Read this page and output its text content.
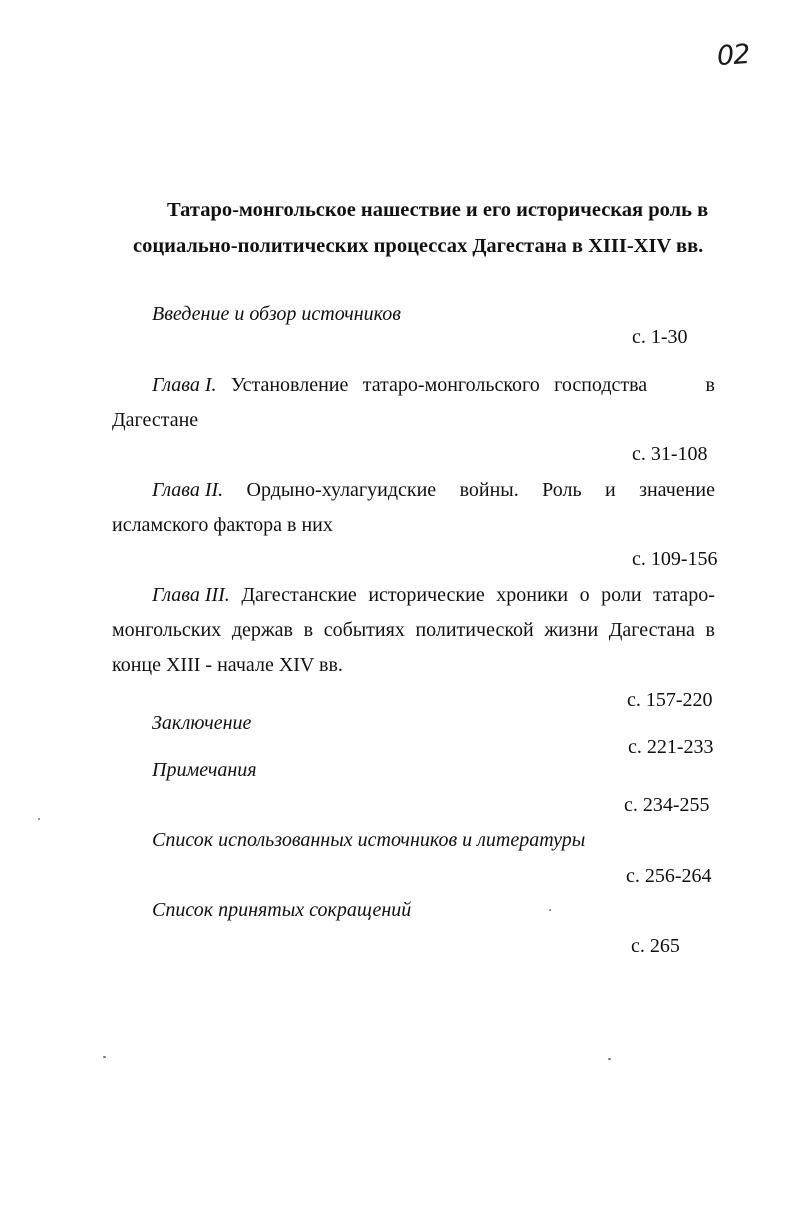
02
Татаро-монгольское нашествие и его историческая роль в
социально-политических процессах Дагестана в XIII-XIV вв.
Введение и обзор источников
с. 1-30
Глава I. Установление татаро-монгольского господства	в
Дагестане
с. 31-108
Глава II. Ордыно-хулагуидские войны. Роль и значение
исламского фактора в них
с. 109-156
Глава III. Дагестанские исторические хроники о роли татаро-
монгольских держав в событиях политической жизни Дагестана в
конце XIII - начале XIV вв.
с. 157-220
Заключение
с. 221-233
Примечания
с. 234-255
Список использованных источников и литературы
с. 256-264
Список принятых сокращений
с. 265
